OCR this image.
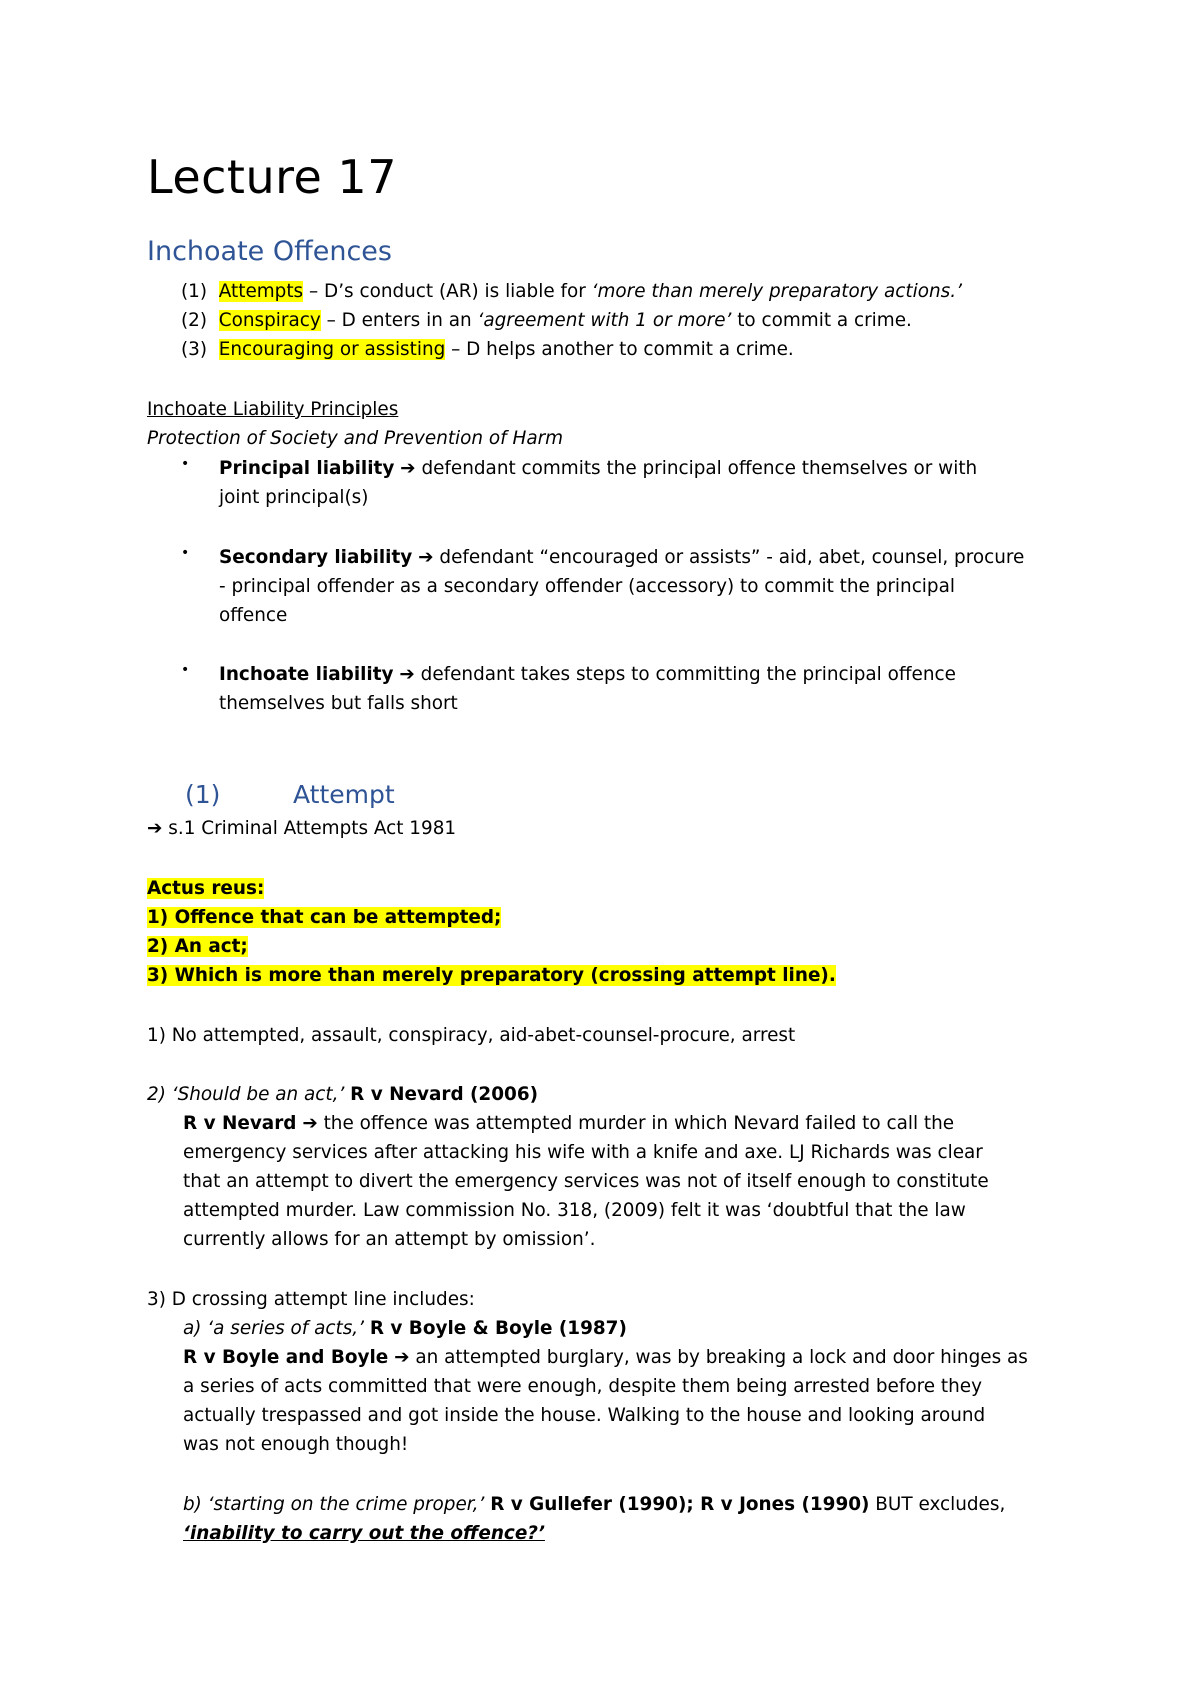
Lecture 17
Inchoate Offences
(1) Attempts – D’s conduct (AR) is liable for ‘more than merely preparatory actions.’
(2) Conspiracy – D enters in an ‘agreement with 1 or more’ to commit a crime.
(3) Encouraging or assisting – D helps another to commit a crime.
Inchoate Liability Principles
Protection of Society and Prevention of Harm
• Principal liability ➔ defendant commits the principal offence themselves or with
joint principal(s)
• Secondary liability ➔ defendant “encouraged or assists” - aid, abet, counsel, procure
- principal offender as a secondary offender (accessory) to commit the principal
offence
• Inchoate liability ➔ defendant takes steps to committing the principal offence
themselves but falls short
(1)	Attempt
➔ s.1 Criminal Attempts Act 1981
Actus reus:
1) Offence that can be attempted;
2) An act;
3) Which is more than merely preparatory (crossing attempt line).
1) No attempted, assault, conspiracy, aid-abet-counsel-procure, arrest
2) ‘Should be an act,’ R v Nevard (2006)
R v Nevard ➔ the offence was attempted murder in which Nevard failed to call the
emergency services after attacking his wife with a knife and axe. LJ Richards was clear
that an attempt to divert the emergency services was not of itself enough to constitute
attempted murder. Law commission No. 318, (2009) felt it was ‘doubtful that the law
currently allows for an attempt by omission’.
3) D crossing attempt line includes:
a) ‘a series of acts,’ R v Boyle & Boyle (1987)
R v Boyle and Boyle ➔ an attempted burglary, was by breaking a lock and door hinges as
a series of acts committed that were enough, despite them being arrested before they
actually trespassed and got inside the house. Walking to the house and looking around
was not enough though!
b) ‘starting on the crime proper,’ R v Gullefer (1990); R v Jones (1990) BUT excludes,
‘inability to carry out the offence?’
